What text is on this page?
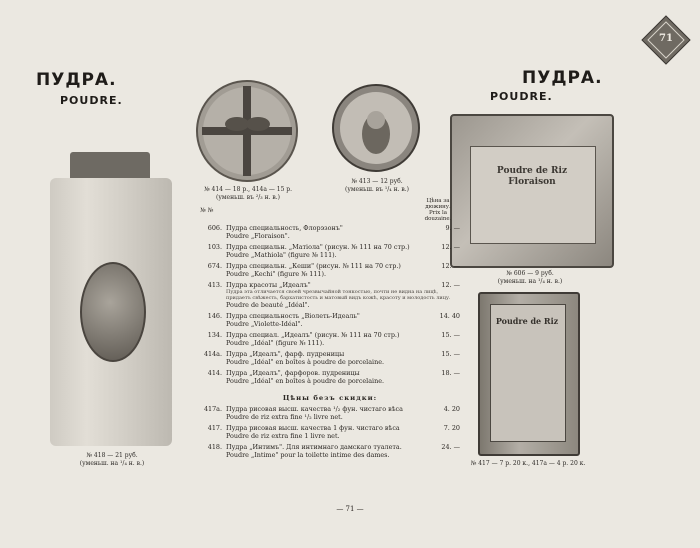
71
ПУДРА.
POUDRE.
ПУДРА.
POUDRE.
№ 418 — 21 руб.
(уменьш. на ¹/₄ н. в.)
№ 414 — 18 р., 414а — 15 р.
(уменьш. въ ²/₃ н. в.)
№ 413 — 12 руб.
(уменьш. въ ¹/₄ н. в.)
Poudre de Riz Floraison
№ 606 — 9 руб.
(уменьш. на ¹/₄ н. в.)
Poudre de Riz
№ 417 — 7 р. 20 к., 417а — 4 р. 20 к.
№ №
Цѣна за дюжину.
Prix la douzaine.
606. Пудра специальность, Флорэзонъ"	9. —
Poudre „Floraison".
103. Пудра специальн. „Матіола" (рисун. № 111 на 70 стр.)	12. —
Poudre „Mathiola" (figure № 111).
674. Пудра специальн. „Кеши" (рисун. № 111 на 70 стр.)	12. —
Poudre „Kechi" (figure № 111).
413. Пудра красоты „Идеалъ"	12. —
Пудра эта отличается своей чрезвычайной тонкостью, почти не видна на лицѣ, придаетъ свѣжесть, бархатистость и матовый видъ кожѣ, красоту и молодость лицу.
Poudre de beauté „Idéal".
146. Пудра специальность „Віолеть-Идеаль"	14. 40
Poudre „Violette-Idéal".
134. Пудра специал. „Идеалъ" (рисун. № 111 на 70 стр.)	15. —
Poudre „Idéal" (figure № 111).
414а. Пудра „Идеалъ", фарф. пудреницы	15. —
Poudre „Idéal" en boîtes à poudre de porcelaine.
414. Пудра „Идеалъ", фарфоров. пудреницы	18. —
Poudre „Idéal" en boîtes à poudre de porcelaine.
Цѣны безъ скидки:
417а. Пудра рисовая высш. качества ¹/₂ фун. чистаго вѣса	4. 20
Poudre de riz extra fine ¹/₂ livre net.
417. Пудра рисовая высш. качества 1 фун. чистаго вѣса	7. 20
Poudre de riz extra fine 1 livre net.
418. Пудра „Интимъ". Для интимнаго дамскаго туалета.	24. —
Poudre „Intime" pour la toilette intime des dames.
— 71 —
